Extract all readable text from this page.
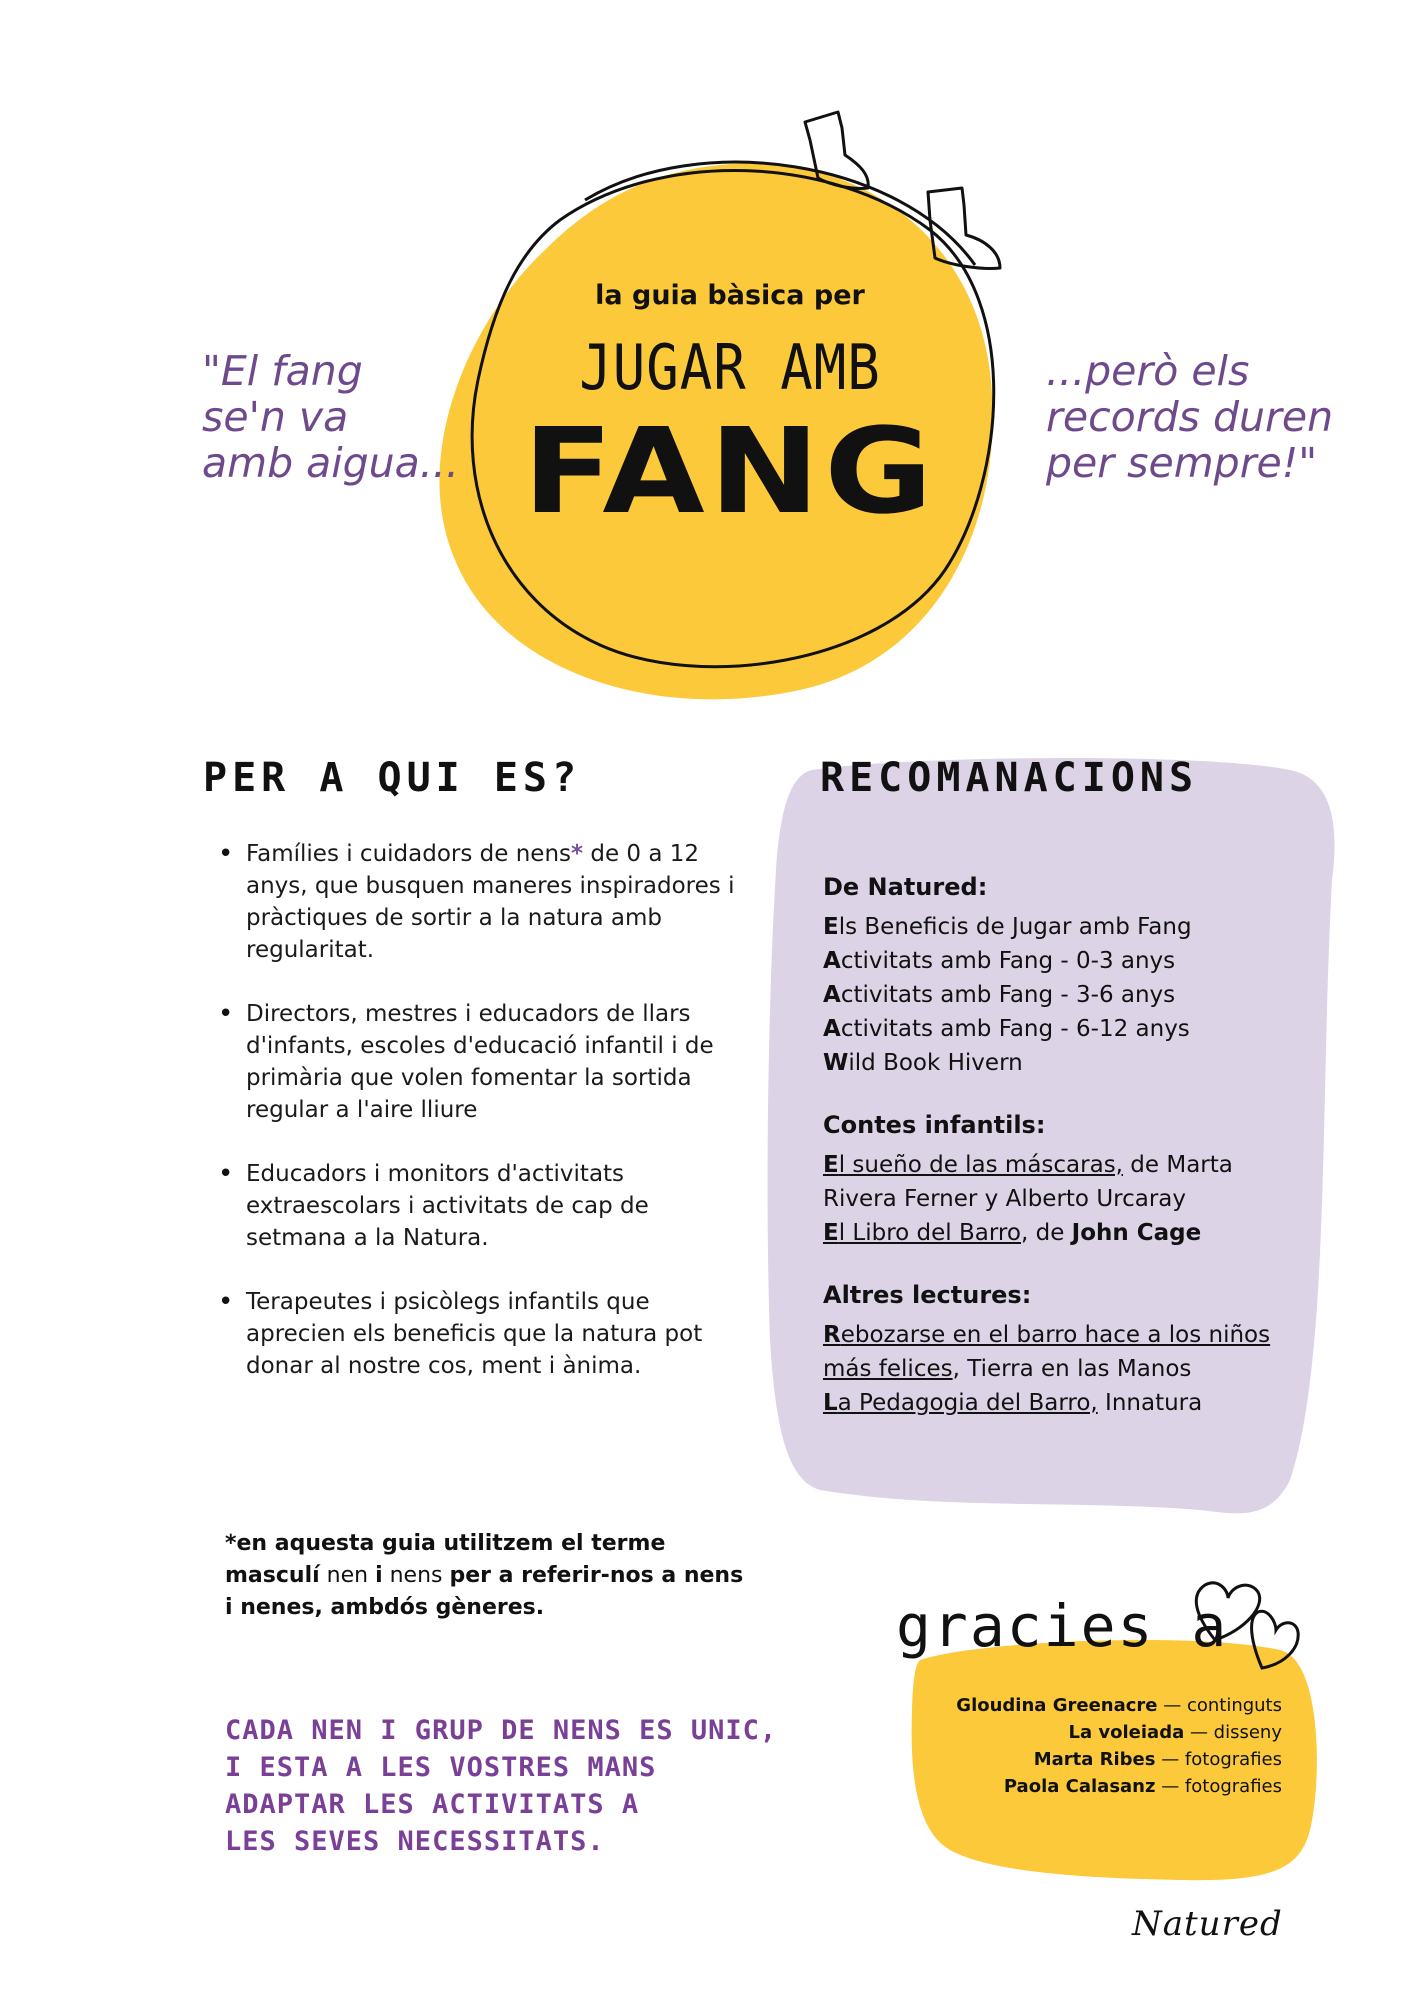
"El fang
se'n va
amb aigua...
...però els
records duren
per sempre!"
la guia bàsica per
JUGAR AMB
FANG
PER A QUI ES?
• Famílies i cuidadors de nens* de 0 a 12 anys, que busquen maneres inspiradores i pràctiques de sortir a la natura amb regularitat.
• Directors, mestres i educadors de llars d'infants, escoles d'educació infantil i de primària que volen fomentar la sortida regular a l'aire lliure
• Educadors i monitors d'activitats extraescolars i activitats de cap de setmana a la Natura.
• Terapeutes i psicòlegs infantils que aprecien els beneficis que la natura pot donar al nostre cos, ment i ànima.
*en aquesta guia utilitzem el terme masculí nen i nens per a referir-nos a nens i nenes, ambdós gèneres.
CADA NEN I GRUP DE NENS ES UNIC,
I ESTA A LES VOSTRES MANS
ADAPTAR LES ACTIVITATS A
LES SEVES NECESSITATS.
RECOMANACIONS
De Natured:

Els Beneficis de Jugar amb Fang

Activitats amb Fang - 0-3 anys

Activitats amb Fang - 3-6 anys

Activitats amb Fang - 6-12 anys

Wild Book Hivern

Contes infantils:

El sueño de las máscaras, de Marta Rivera Ferner y Alberto Urcaray

El Libro del Barro, de John Cage

Altres lectures:

Rebozarse en el barro hace a los niños más felices, Tierra en las Manos

La Pedagogia del Barro, Innatura

gracies a
Gloudina Greenacre — continguts
La voleiada — disseny
Marta Ribes — fotografies
Paola Calasanz — fotografies
Natured
